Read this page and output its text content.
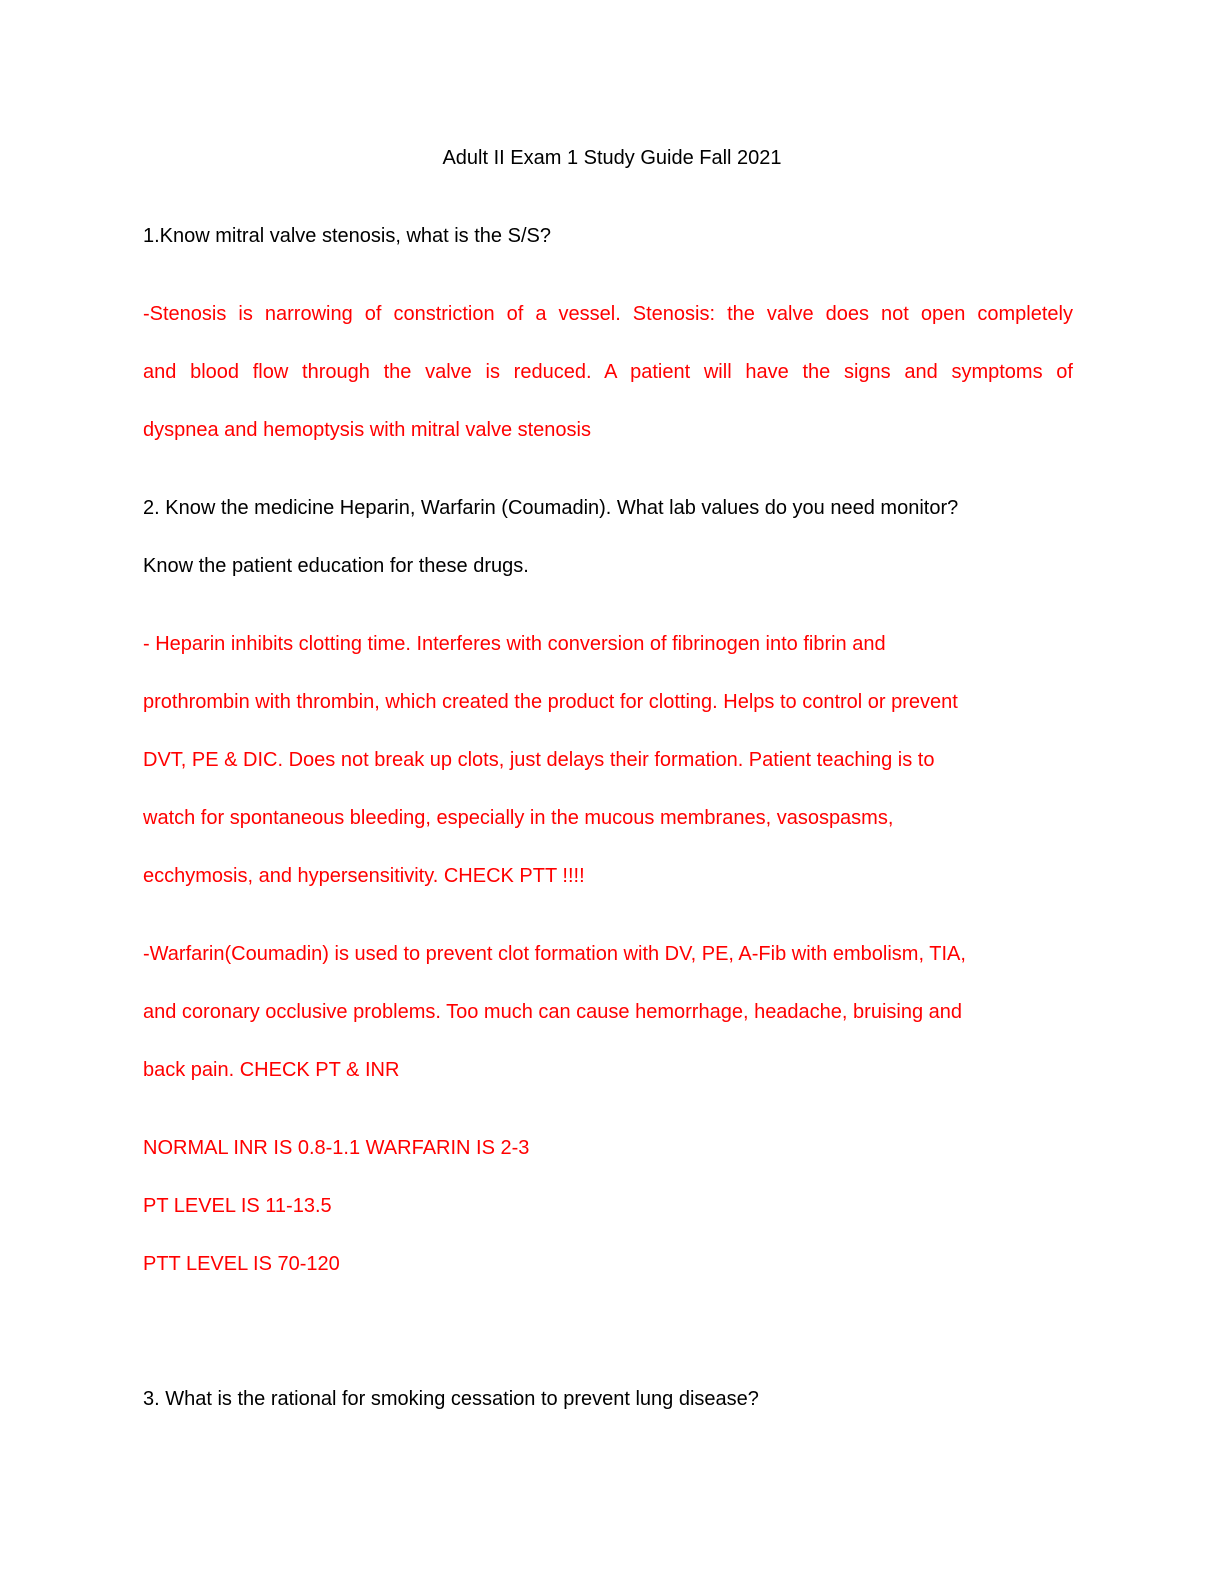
Adult II Exam 1 Study Guide Fall 2021
1.Know mitral valve stenosis, what is the S/S?
-Stenosis is narrowing of constriction of a vessel. Stenosis: the valve does not open completely
and blood flow through the valve is reduced. A patient will have the signs and symptoms of
dyspnea and hemoptysis with mitral valve stenosis
2. Know the medicine Heparin, Warfarin (Coumadin). What lab values do you need monitor?
Know the patient education for these drugs.
- Heparin inhibits clotting time. Interferes with conversion of fibrinogen into fibrin and
prothrombin with thrombin, which created the product for clotting. Helps to control or prevent
DVT, PE & DIC. Does not break up clots, just delays their formation. Patient teaching is to
watch for spontaneous bleeding, especially in the mucous membranes, vasospasms,
ecchymosis, and hypersensitivity. CHECK PTT !!!!
-Warfarin(Coumadin) is used to prevent clot formation with DV, PE, A-Fib with embolism, TIA,
and coronary occlusive problems. Too much can cause hemorrhage, headache, bruising and
back pain. CHECK PT & INR
NORMAL INR IS 0.8-1.1 WARFARIN IS 2-3
PT LEVEL IS 11-13.5
PTT LEVEL IS 70-120
3. What is the rational for smoking cessation to prevent lung disease?
